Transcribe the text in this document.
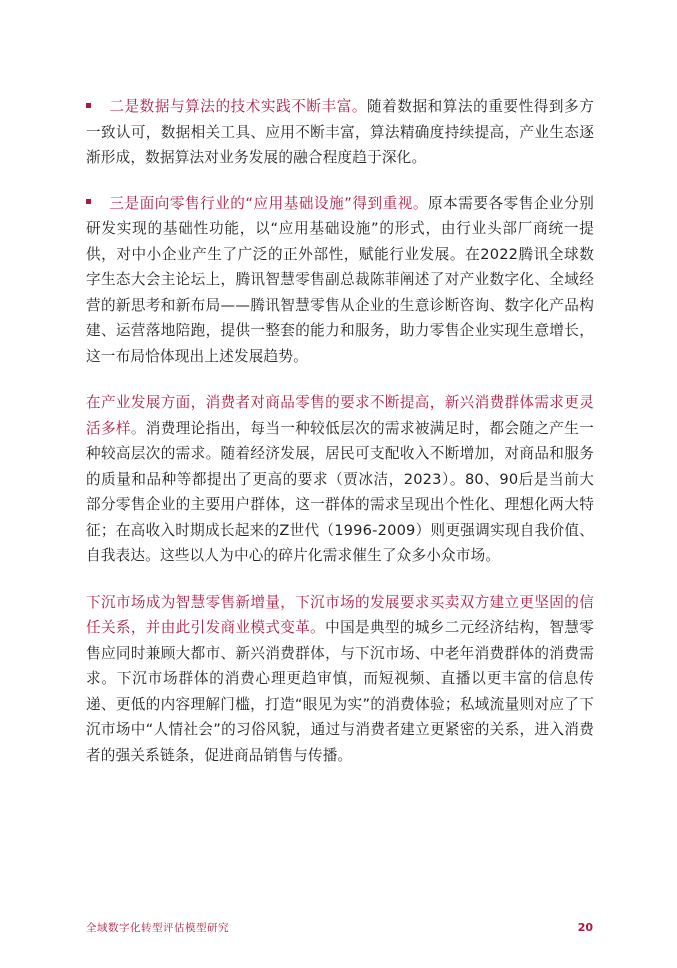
二是数据与算法的技术实践不断丰富。随着数据和算法的重要性得到多方一致认可，数据相关工具、应用不断丰富，算法精确度持续提高，产业生态逐渐形成，数据算法对业务发展的融合程度趋于深化。

三是面向零售行业的“应用基础设施”得到重视。原本需要各零售企业分别研发实现的基础性功能，以“应用基础设施”的形式，由行业头部厂商统一提供，对中小企业产生了广泛的正外部性，赋能行业发展。在2022腾讯全球数字生态大会主论坛上，腾讯智慧零售副总裁陈菲阐述了对产业数字化、全域经营的新思考和新布局——腾讯智慧零售从企业的生意诊断咨询、数字化产品构建、运营落地陪跑，提供一整套的能力和服务，助力零售企业实现生意增长，这一布局恰体现出上述发展趋势。

在产业发展方面，消费者对商品零售的要求不断提高，新兴消费群体需求更灵活多样。消费理论指出，每当一种较低层次的需求被满足时，都会随之产生一种较高层次的需求。随着经济发展，居民可支配收入不断增加，对商品和服务的质量和品种等都提出了更高的要求（贾冰洁，2023）。80、90后是当前大部分零售企业的主要用户群体，这一群体的需求呈现出个性化、理想化两大特征；在高收入时期成长起来的Z世代（1996-2009）则更强调实现自我价值、自我表达。这些以人为中心的碎片化需求催生了众多小众市场。

下沉市场成为智慧零售新增量，下沉市场的发展要求买卖双方建立更坚固的信任关系，并由此引发商业模式变革。中国是典型的城乡二元经济结构，智慧零售应同时兼顾大都市、新兴消费群体，与下沉市场、中老年消费群体的消费需求。下沉市场群体的消费心理更趋审慎，而短视频、直播以更丰富的信息传递、更低的内容理解门槛，打造“眼见为实”的消费体验；私域流量则对应了下沉市场中“人情社会”的习俗风貌，通过与消费者建立更紧密的关系，进入消费者的强关系链条，促进商品销售与传播。

全域数字化转型评估模型研究	20
